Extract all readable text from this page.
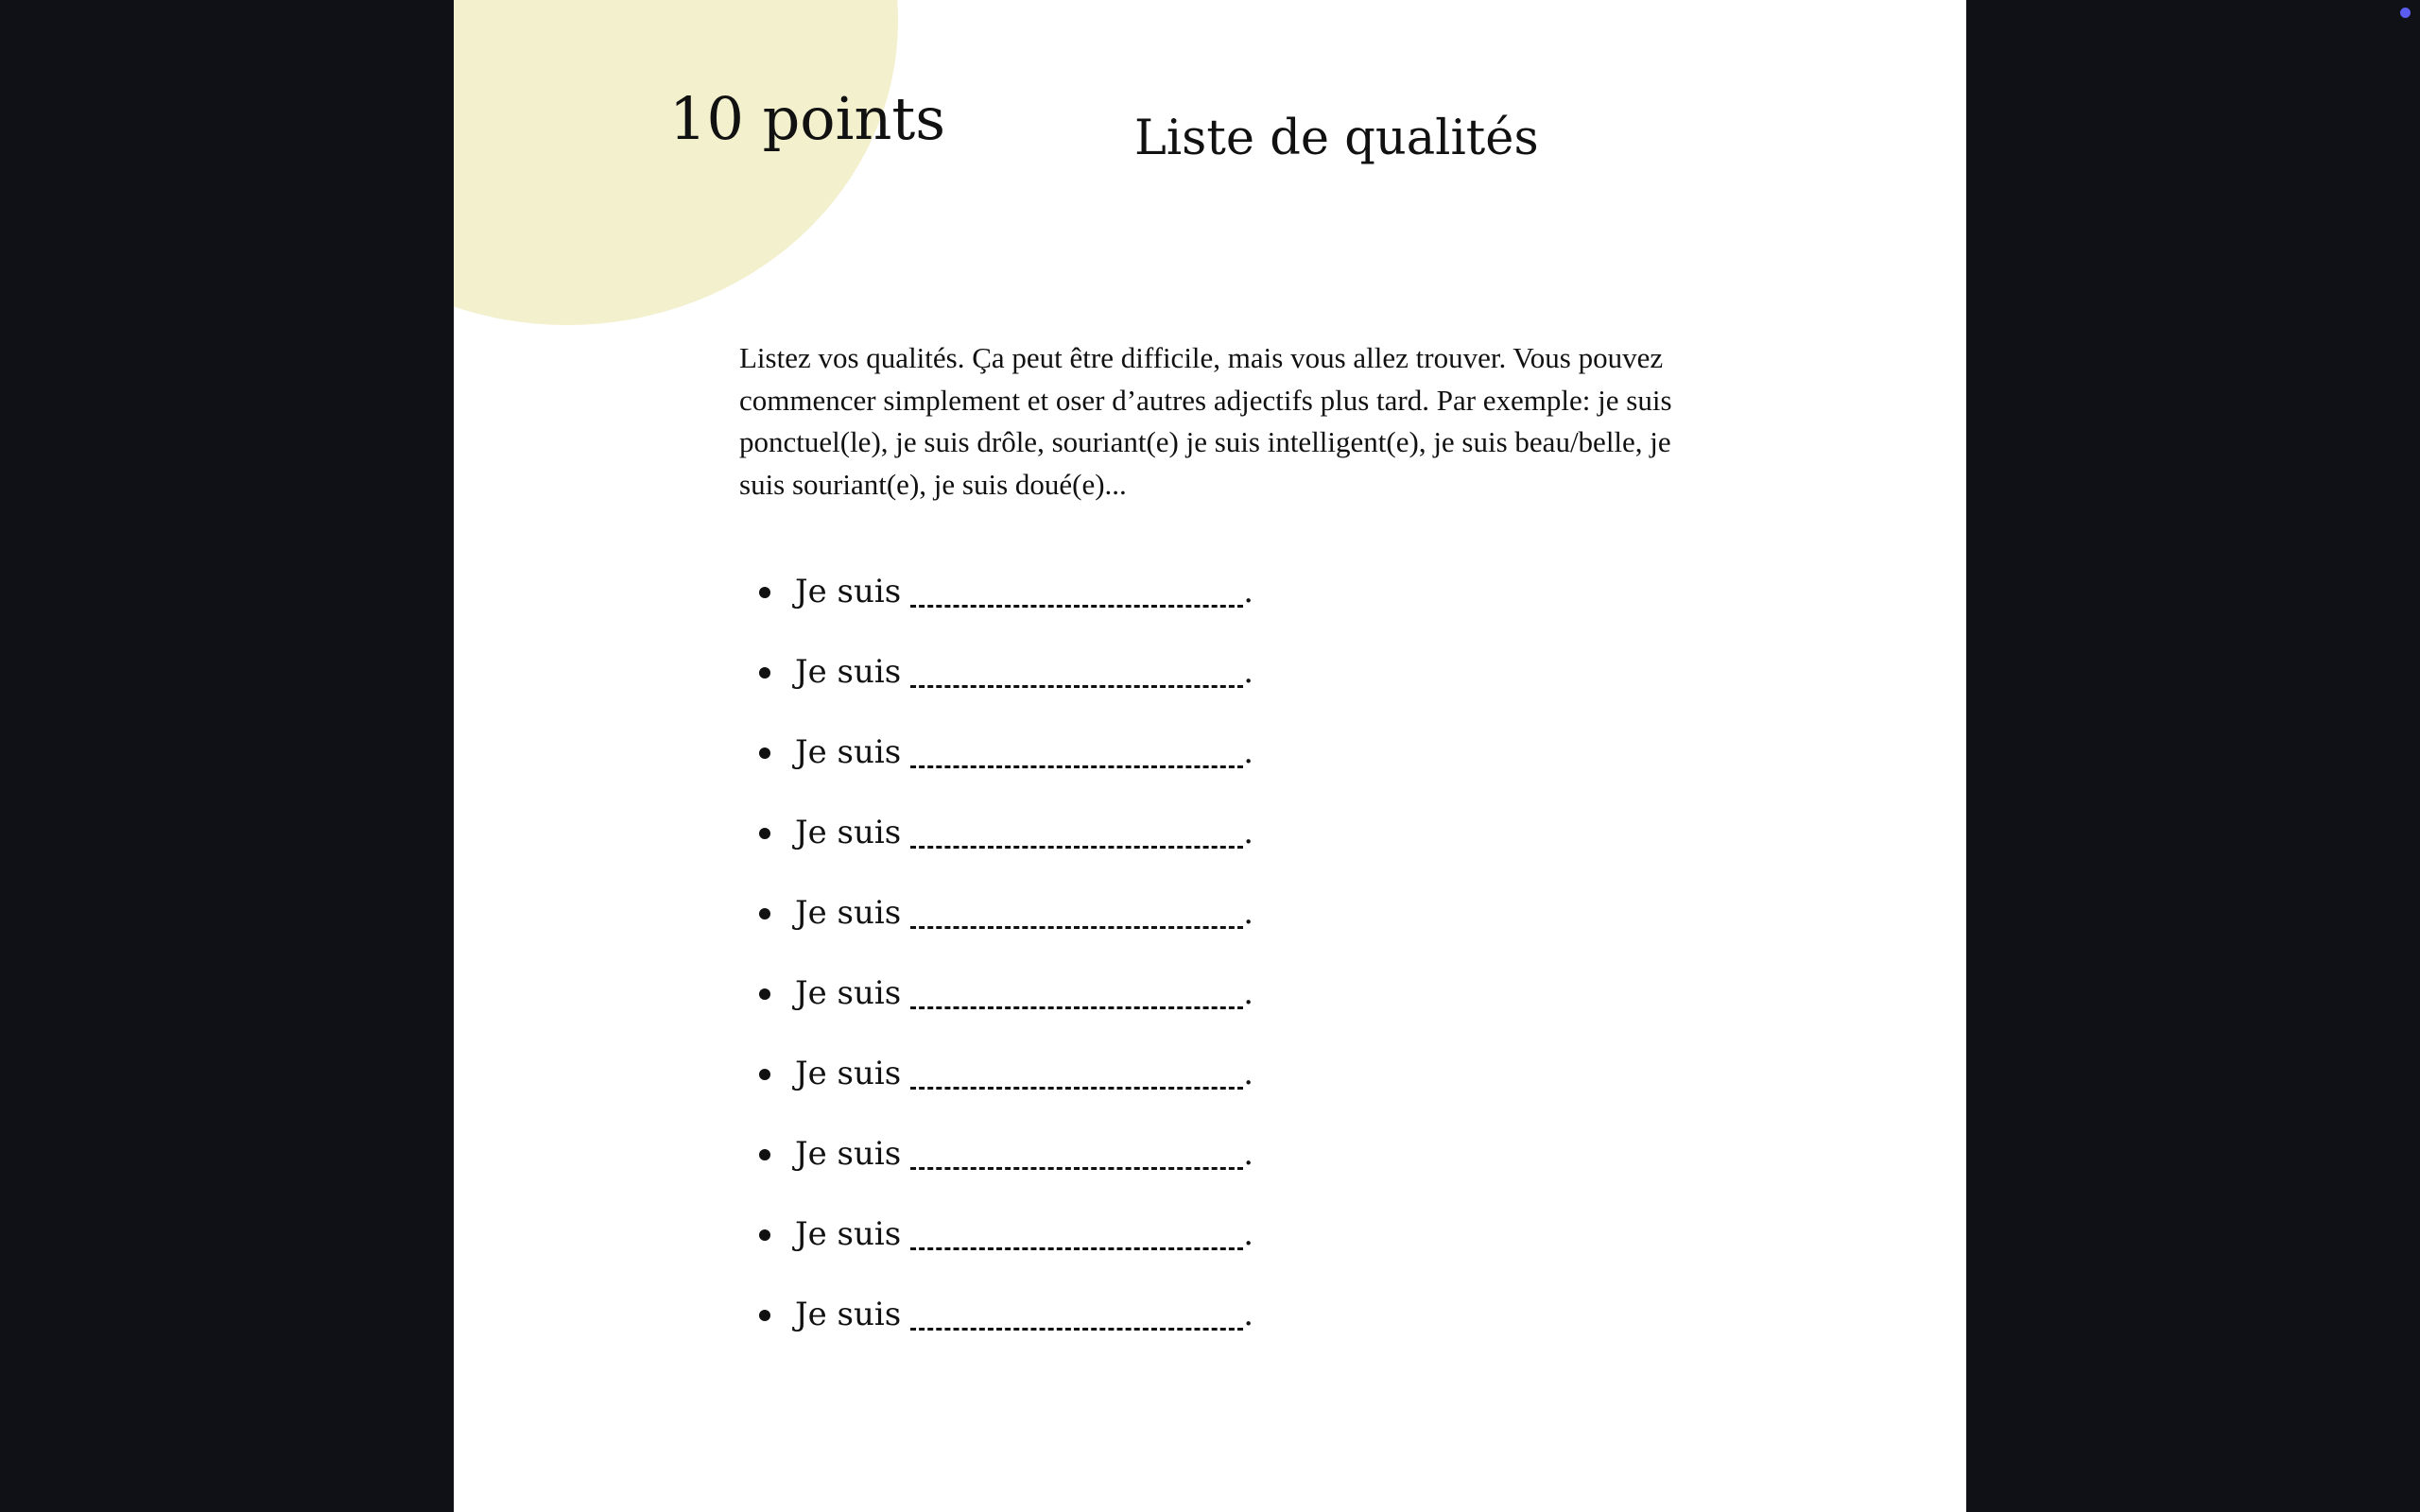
10 points	Liste de qualités

Listez vos qualités. Ça peut être difficile, mais vous allez trouver. Vous pouvez commencer simplement et oser d’autres adjectifs plus tard. Par exemple: je suis ponctuel(le), je suis drôle, souriant(e) je suis intelligent(e), je suis beau/belle, je suis souriant(e), je suis doué(e)...

Je suis	.
Je suis	.
Je suis	.
Je suis	.
Je suis	.
Je suis	.
Je suis	.
Je suis	.
Je suis	.
Je suis	.
